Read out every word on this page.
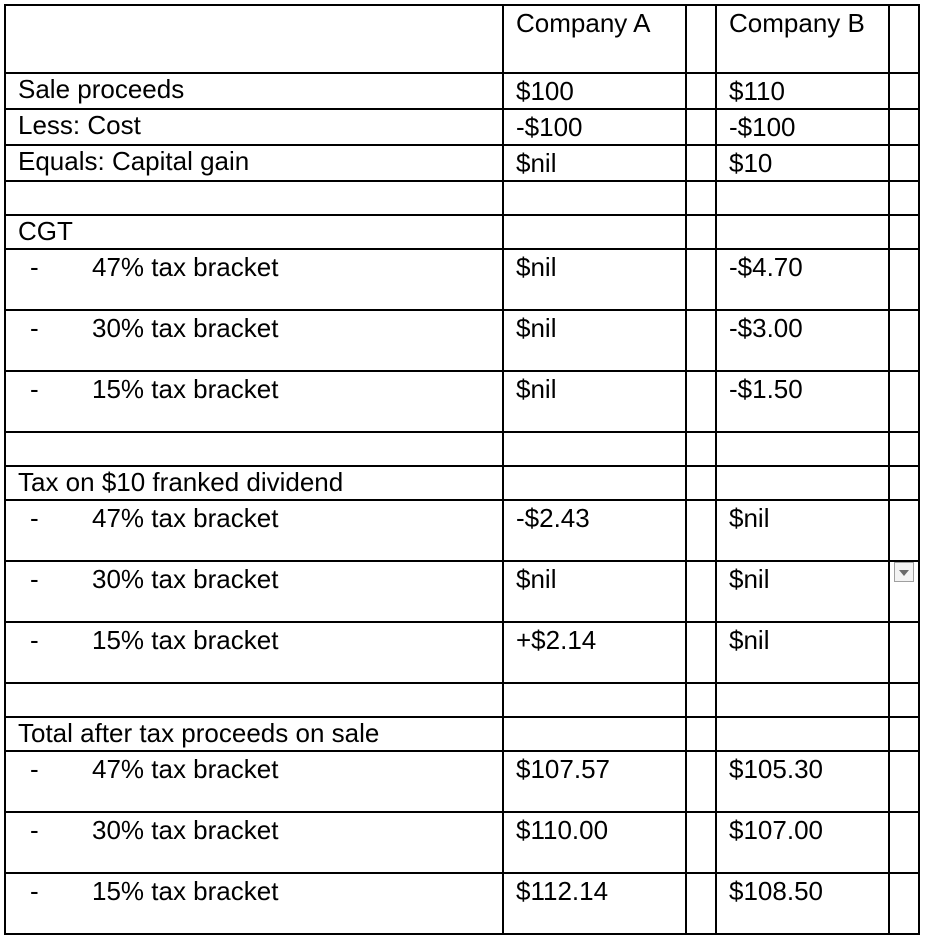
	Company A		Company B	
Sale proceeds	$100		$110	
Less: Cost	-$100		-$100	
Equals: Capital gain	$nil		$10	

CGT				
- 47% tax bracket	$nil		-$4.70	
- 30% tax bracket	$nil		-$3.00	
- 15% tax bracket	$nil		-$1.50	

Tax on $10 franked dividend				
- 47% tax bracket	-$2.43		$nil	
- 30% tax bracket	$nil		$nil	
- 15% tax bracket	+$2.14		$nil	

Total after tax proceeds on sale				
- 47% tax bracket	$107.57		$105.30	
- 30% tax bracket	$110.00		$107.00	
- 15% tax bracket	$112.14		$108.50	
